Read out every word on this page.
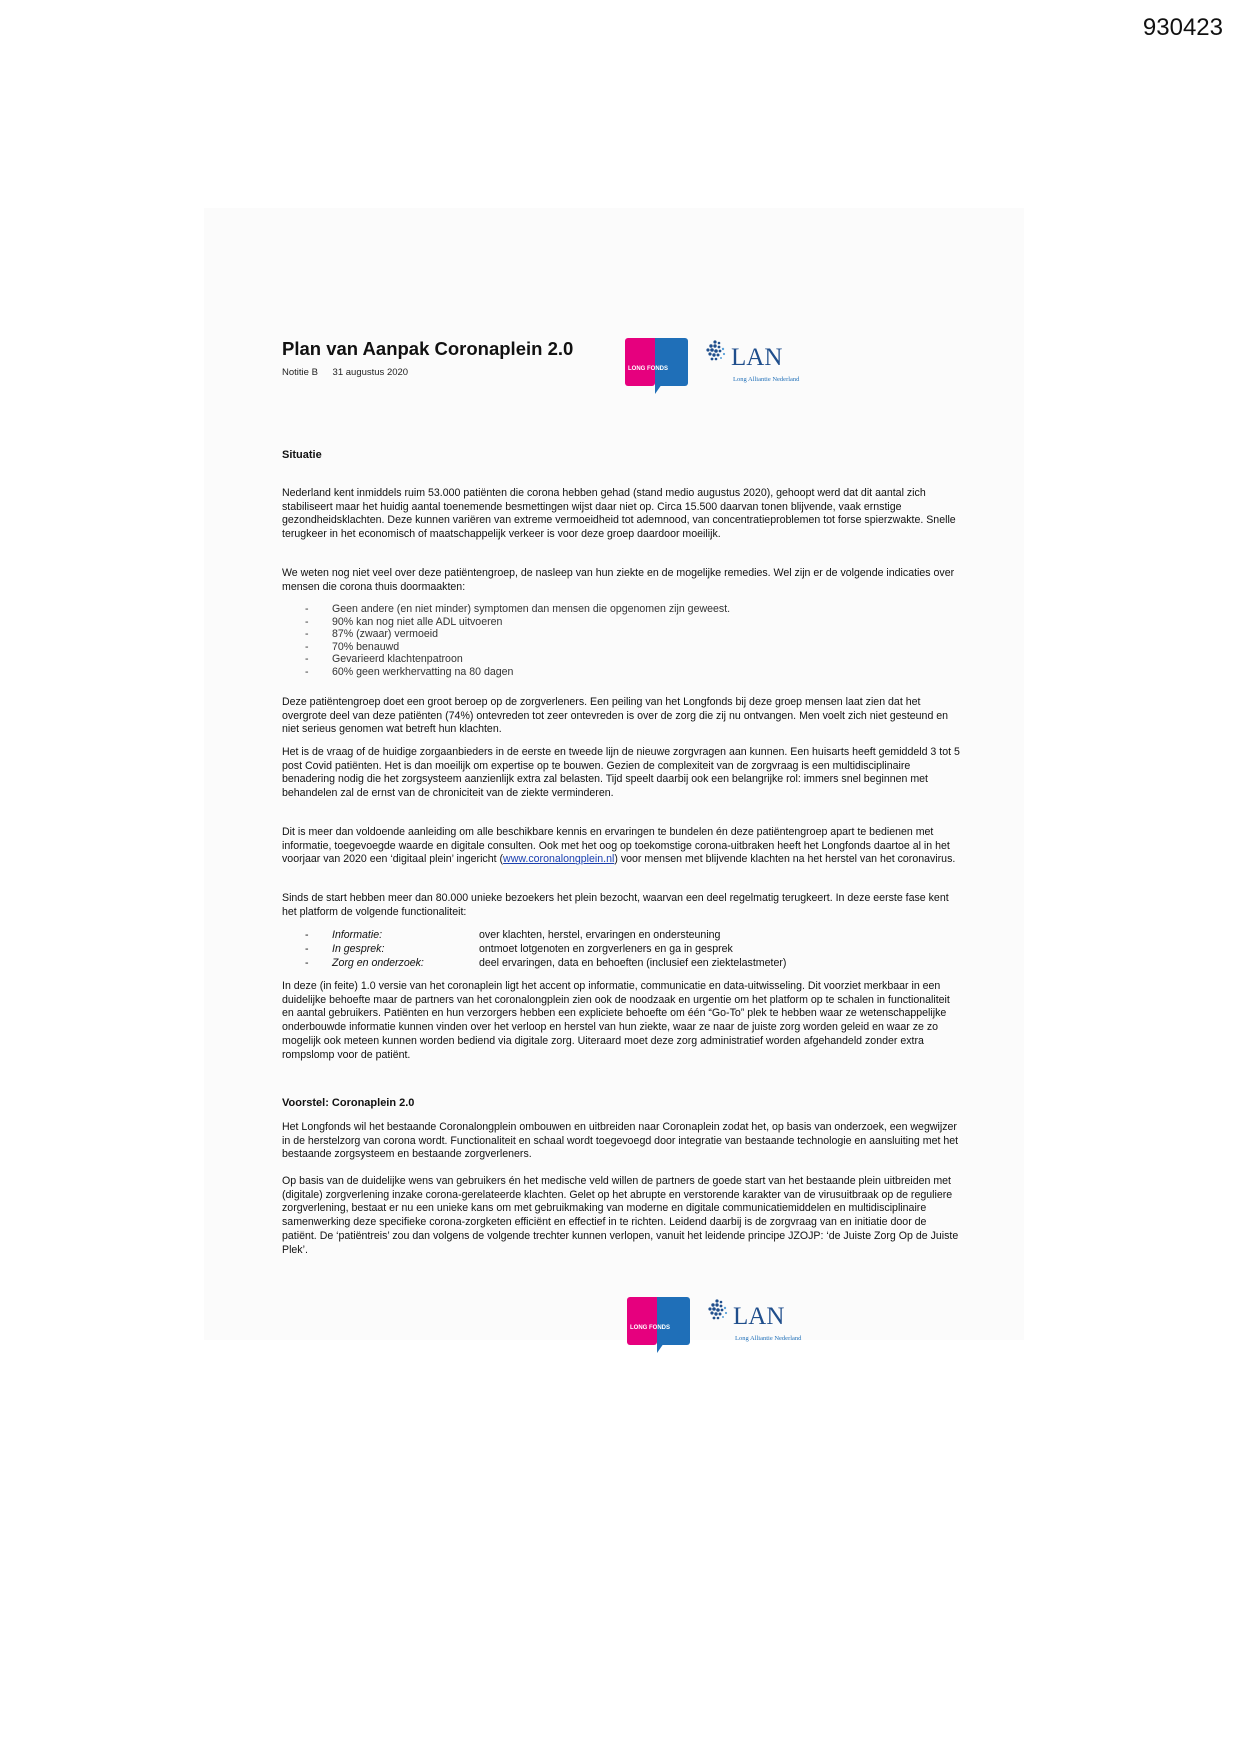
930423
Plan van Aanpak Coronaplein 2.0
Notitie B 31 augustus 2020	LONG FONDS	LAN
Long Alliantie Nederland
Situatie

Nederland kent inmiddels ruim 53.000 patiënten die corona hebben gehad (stand medio augustus 2020), gehoopt werd dat dit aantal zich stabiliseert maar het huidig aantal toenemende besmettingen wijst daar niet op. Circa 15.500 daarvan tonen blijvende, vaak ernstige gezondheidsklachten. Deze kunnen variëren van extreme vermoeidheid tot ademnood, van concentratieproblemen tot forse spierzwakte. Snelle terugkeer in het economisch of maatschappelijk verkeer is voor deze groep daardoor moeilijk.

We weten nog niet veel over deze patiëntengroep, de nasleep van hun ziekte en de mogelijke remedies. Wel zijn er de volgende indicaties over mensen die corona thuis doormaakten:

- Geen andere (en niet minder) symptomen dan mensen die opgenomen zijn geweest.
- 90% kan nog niet alle ADL uitvoeren
- 87% (zwaar) vermoeid
- 70% benauwd
- Gevarieerd klachtenpatroon
- 60% geen werkhervatting na 80 dagen

Deze patiëntengroep doet een groot beroep op de zorgverleners. Een peiling van het Longfonds bij deze groep mensen laat zien dat het overgrote deel van deze patiënten (74%) ontevreden tot zeer ontevreden is over de zorg die zij nu ontvangen. Men voelt zich niet gesteund en niet serieus genomen wat betreft hun klachten.

Het is de vraag of de huidige zorgaanbieders in de eerste en tweede lijn de nieuwe zorgvragen aan kunnen. Een huisarts heeft gemiddeld 3 tot 5 post Covid patiënten. Het is dan moeilijk om expertise op te bouwen. Gezien de complexiteit van de zorgvraag is een multidisciplinaire benadering nodig die het zorgsysteem aanzienlijk extra zal belasten. Tijd speelt daarbij ook een belangrijke rol: immers snel beginnen met behandelen zal de ernst van de chroniciteit van de ziekte verminderen.

Dit is meer dan voldoende aanleiding om alle beschikbare kennis en ervaringen te bundelen én deze patiëntengroep apart te bedienen met informatie, toegevoegde waarde en digitale consulten. Ook met het oog op toekomstige corona-uitbraken heeft het Longfonds daartoe al in het voorjaar van 2020 een ‘digitaal plein’ ingericht (www.coronalongplein.nl) voor mensen met blijvende klachten na het herstel van het coronavirus.

Sinds de start hebben meer dan 80.000 unieke bezoekers het plein bezocht, waarvan een deel regelmatig terugkeert. In deze eerste fase kent het platform de volgende functionaliteit:

- Informatie:	over klachten, herstel, ervaringen en ondersteuning
- In gesprek:	ontmoet lotgenoten en zorgverleners en ga in gesprek
- Zorg en onderzoek:	deel ervaringen, data en behoeften (inclusief een ziektelastmeter)

In deze (in feite) 1.0 versie van het coronaplein ligt het accent op informatie, communicatie en data-uitwisseling. Dit voorziet merkbaar in een duidelijke behoefte maar de partners van het coronalongplein zien ook de noodzaak en urgentie om het platform op te schalen in functionaliteit en aantal gebruikers. Patiënten en hun verzorgers hebben een expliciete behoefte om één “Go-To” plek te hebben waar ze wetenschappelijke onderbouwde informatie kunnen vinden over het verloop en herstel van hun ziekte, waar ze naar de juiste zorg worden geleid en waar ze zo mogelijk ook meteen kunnen worden bediend via digitale zorg. Uiteraard moet deze zorg administratief worden afgehandeld zonder extra rompslomp voor de patiënt.

Voorstel: Coronaplein 2.0

Het Longfonds wil het bestaande Coronalongplein ombouwen en uitbreiden naar Coronaplein zodat het, op basis van onderzoek, een wegwijzer in de herstelzorg van corona wordt. Functionaliteit en schaal wordt toegevoegd door integratie van bestaande technologie en aansluiting met het bestaande zorgsysteem en bestaande zorgverleners.

Op basis van de duidelijke wens van gebruikers én het medische veld willen de partners de goede start van het bestaande plein uitbreiden met (digitale) zorgverlening inzake corona-gerelateerde klachten. Gelet op het abrupte en verstorende karakter van de virusuitbraak op de reguliere zorgverlening, bestaat er nu een unieke kans om met gebruikmaking van moderne en digitale communicatiemiddelen en multidisciplinaire samenwerking deze specifieke corona-zorgketen efficiënt en effectief in te richten. Leidend daarbij is de zorgvraag van en initiatie door de patiënt. De ‘patiëntreis’ zou dan volgens de volgende trechter kunnen verlopen, vanuit het leidende principe JZOJP: ‘de Juiste Zorg Op de Juiste Plek’.

LONG FONDS	LAN
Long Alliantie Nederland
